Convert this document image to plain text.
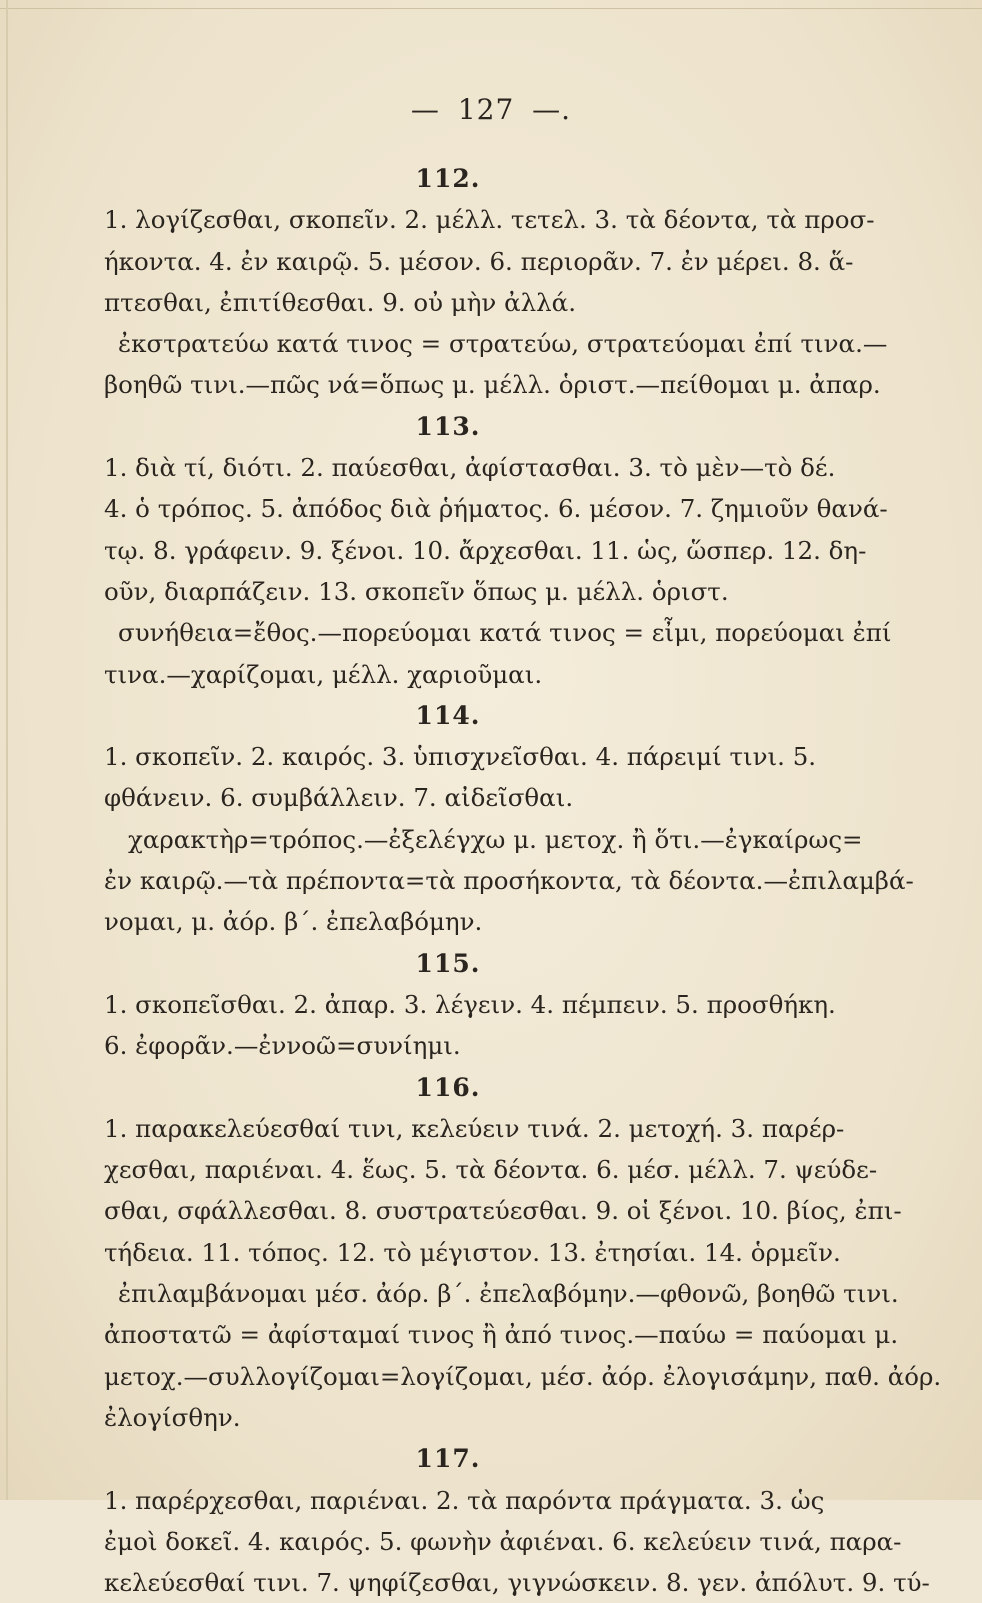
— 127 —.
112.
1. λογίζεσθαι, σκοπεῖν. 2. μέλλ. τετελ. 3. τὰ δέοντα, τὰ προσ-
ήκοντα. 4. ἐν καιρῷ. 5. μέσον. 6. περιορᾶν. 7. ἐν μέρει. 8. ἅ-
πτεσθαι, ἐπιτίθεσθαι. 9. οὐ μὴν ἀλλά.
ἐκστρατεύω κατά τινος = στρατεύω, στρατεύομαι ἐπί τινα.—
βοηθῶ τινι.—πῶς νά=ὅπως μ. μέλλ. ὁριστ.—πείθομαι μ. ἀπαρ.
113.
1. διὰ τί, διότι. 2. παύεσθαι, ἀφίστασθαι. 3. τὸ μὲν—τὸ δέ.
4. ὁ τρόπος. 5. ἀπόδος διὰ ῥήματος. 6. μέσον. 7. ζημιοῦν θανά-
τῳ. 8. γράφειν. 9. ξένοι. 10. ἄρχεσθαι. 11. ὡς, ὥσπερ. 12. δη-
οῦν, διαρπάζειν. 13. σκοπεῖν ὅπως μ. μέλλ. ὁριστ.
συνήθεια=ἔθος.—πορεύομαι κατά τινος = εἶμι, πορεύομαι ἐπί
τινα.—χαρίζομαι, μέλλ. χαριοῦμαι.
114.
1. σκοπεῖν. 2. καιρός. 3. ὑπισχνεῖσθαι. 4. πάρειμί τινι. 5.
φθάνειν. 6. συμβάλλειν. 7. αἰδεῖσθαι.
χαρακτὴρ=τρόπος.—ἐξελέγχω μ. μετοχ. ἢ ὅτι.—ἐγκαίρως=
ἐν καιρῷ.—τὰ πρέποντα=τὰ προσήκοντα, τὰ δέοντα.—ἐπιλαμβά-
νομαι, μ. ἀόρ. β΄. ἐπελαβόμην.
115.
1. σκοπεῖσθαι. 2. ἀπαρ. 3. λέγειν. 4. πέμπειν. 5. προσθήκη.
6. ἐφορᾶν.—ἐννοῶ=συνίημι.
116.
1. παρακελεύεσθαί τινι, κελεύειν τινά. 2. μετοχή. 3. παρέρ-
χεσθαι, παριέναι. 4. ἕως. 5. τὰ δέοντα. 6. μέσ. μέλλ. 7. ψεύδε-
σθαι, σφάλλεσθαι. 8. συστρατεύεσθαι. 9. οἱ ξένοι. 10. βίος, ἐπι-
τήδεια. 11. τόπος. 12. τὸ μέγιστον. 13. ἐτησίαι. 14. ὁρμεῖν.
ἐπιλαμβάνομαι μέσ. ἀόρ. β΄. ἐπελαβόμην.—φθονῶ, βοηθῶ τινι.
ἀποστατῶ = ἀφίσταμαί τινος ἢ ἀπό τινος.—παύω = παύομαι μ.
μετοχ.—συλλογίζομαι=λογίζομαι, μέσ. ἀόρ. ἐλογισάμην, παθ. ἀόρ.
ἐλογίσθην.
117.
1. παρέρχεσθαι, παριέναι. 2. τὰ παρόντα πράγματα. 3. ὡς
ἐμοὶ δοκεῖ. 4. καιρός. 5. φωνὴν ἀφιέναι. 6. κελεύειν τινά, παρα-
κελεύεσθαί τινι. 7. ψηφίζεσθαι, γιγνώσκειν. 8. γεν. ἀπόλυτ. 9. τύ-
